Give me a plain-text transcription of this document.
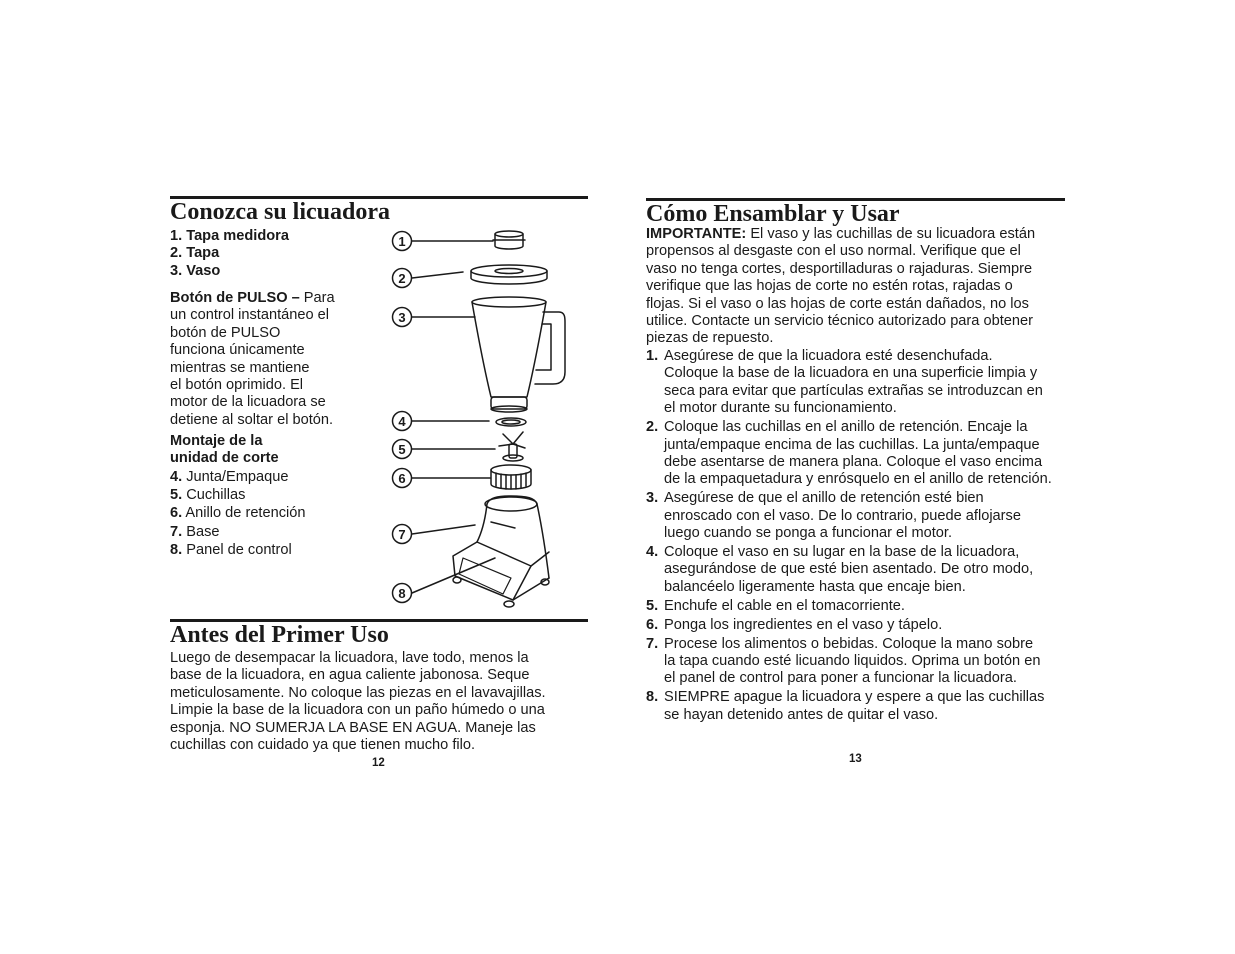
Conozca su licuadora
1. Tapa medidora
2. Tapa
3. Vaso
Botón de PULSO – Para
un control instantáneo el
botón de PULSO
funciona únicamente
mientras se mantiene
el botón oprimido. El
motor de la licuadora se
detiene al soltar el botón.
Montaje de la
unidad de corte
4. Junta/Empaque
5. Cuchillas
6. Anillo de retención
7. Base
8. Panel de control
1
2
3
4
5
6
7
8
Antes del Primer Uso
Luego de desempacar la licuadora, lave todo, menos la
base de la licuadora, en agua caliente jabonosa. Seque
meticulosamente. No coloque las piezas en el lavavajillas.
Limpie la base de la licuadora con un paño húmedo o una
esponja. NO SUMERJA LA BASE EN AGUA. Maneje las
cuchillas con cuidado ya que tienen mucho filo.
12
Cómo Ensamblar y Usar
IMPORTANTE: El vaso y las cuchillas de su licuadora están
propensos al desgaste con el uso normal. Verifique que el
vaso no tenga cortes, desportilladuras o rajaduras. Siempre
verifique que las hojas de corte no estén rotas, rajadas o
flojas. Si el vaso o las hojas de corte están dañados, no los
utilice. Contacte un servicio técnico autorizado para obtener
piezas de repuesto.
1. Asegúrese de que la licuadora esté desenchufada.
Coloque la base de la licuadora en una superficie limpia y
seca para evitar que partículas extrañas se introduzcan en
el motor durante su funcionamiento.
2. Coloque las cuchillas en el anillo de retención. Encaje la
junta/empaque encima de las cuchillas. La junta/empaque
debe asentarse de manera plana. Coloque el vaso encima
de la empaquetadura y enrósquelo en el anillo de retención.
3. Asegúrese de que el anillo de retención esté bien
enroscado con el vaso. De lo contrario, puede aflojarse
luego cuando se ponga a funcionar el motor.
4. Coloque el vaso en su lugar en la base de la licuadora,
asegurándose de que esté bien asentado. De otro modo,
balancéelo ligeramente hasta que encaje bien.
5. Enchufe el cable en el tomacorriente.
6. Ponga los ingredientes en el vaso y tápelo.
7. Procese los alimentos o bebidas. Coloque la mano sobre
la tapa cuando esté licuando liquidos. Oprima un botón en
el panel de control para poner a funcionar la licuadora.
8. SIEMPRE apague la licuadora y espere a que las cuchillas
se hayan detenido antes de quitar el vaso.
13
